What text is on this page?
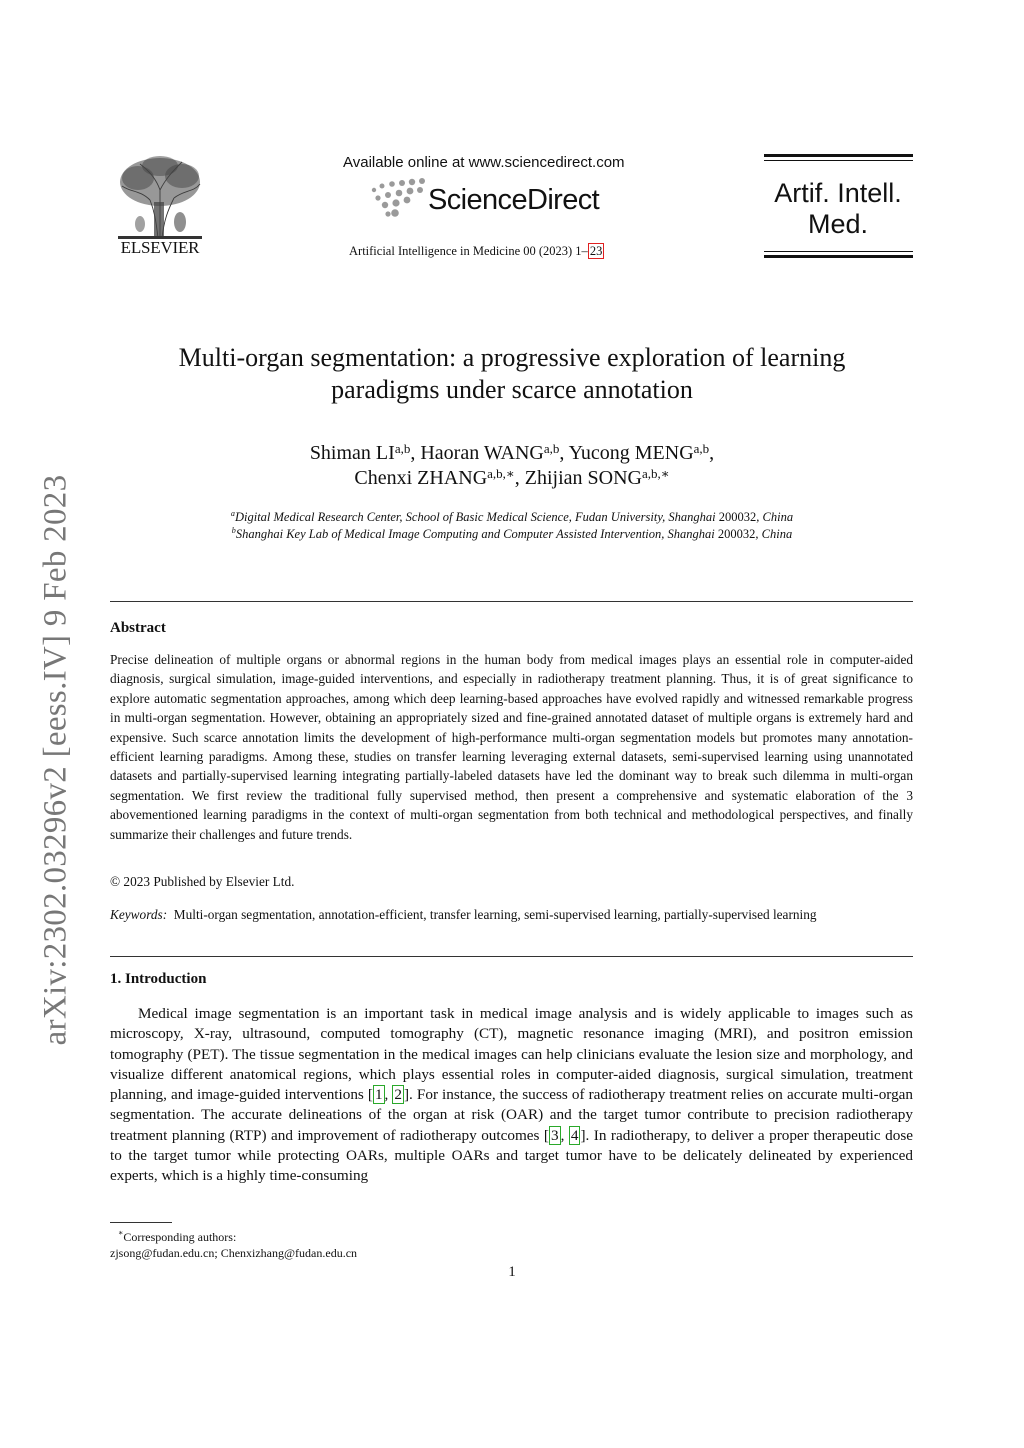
ELSEVIER
Available online at www.sciencedirect.com
ScienceDirect
Artificial Intelligence in Medicine 00 (2023) 1– 23
Artif. Intell.
Med.
arXiv:2302.03296v2 [eess.IV] 9 Feb 2023
Multi-organ segmentation: a progressive exploration of learning
paradigms under scarce annotation
Shiman LI$^{a,b}$, Haoran WANG$^{a,b}$, Yucong MENG$^{a,b}$,
Chenxi $ZHANG^{a,b,∗}$, Zhijian $SONG^{a,b,∗}$
$^a$Digital Medical Research Center, School of Basic Medical Science, Fudan University, Shanghai 200032, China
$^b$Shanghai Key Lab of Medical Image Computing and Computer Assisted Intervention, Shanghai 200032, China
Abstract
Precise delineation of multiple organs or abnormal regions in the human body from medical images plays an essential role in computer-aided diagnosis, surgical simulation, image-guided interventions, and especially in radiotherapy treatment planning. Thus, it is of great significance to explore automatic segmentation approaches, among which deep learning-based approaches have evolved rapidly and witnessed remarkable progress in multi-organ segmentation. However, obtaining an appropriately sized and fine-grained annotated dataset of multiple organs is extremely hard and expensive. Such scarce annotation limits the development of high-performance multi-organ segmentation models but promotes many annotation-efficient learning paradigms. Among these, studies on transfer learning leveraging external datasets, semi-supervised learning using unannotated datasets and partially-supervised learning integrating partially-labeled datasets have led the dominant way to break such dilemma in multi-organ segmentation. We first review the traditional fully supervised method, then present a comprehensive and systematic elaboration of the 3 abovementioned learning paradigms in the context of multi-organ segmentation from both technical and methodological perspectives, and finally summarize their challenges and future trends.
© 2023 Published by Elsevier Ltd.
Keywords: Multi-organ segmentation, annotation-efficient, transfer learning, semi-supervised learning, partially-supervised learning
1. Introduction
Medical image segmentation is an important task in medical image analysis and is widely applicable to images such as microscopy, X-ray, ultrasound, computed tomography (CT), magnetic resonance imaging (MRI), and positron emission tomography (PET). The tissue segmentation in the medical images can help clinicians evaluate the lesion size and morphology, and visualize different anatomical regions, which plays essential roles in computer-aided diagnosis, surgical simulation, treatment planning, and image-guided interventions [ 1 , 2 ]. For instance, the success of radiotherapy treatment relies on accurate multi-organ segmentation. The accurate delineations of the organ at risk (OAR) and the target tumor contribute to precision radiotherapy treatment planning (RTP) and improvement of radiotherapy outcomes [ 3 , 4 ]. In radiotherapy, to deliver a proper therapeutic dose to the target tumor while protecting OARs, multiple OARs and target tumor have to be delicately delineated by experienced experts, which is a highly time-consuming
∗Corresponding authors:
zjsong@fudan.edu.cn; Chenxizhang@fudan.edu.cn
1
